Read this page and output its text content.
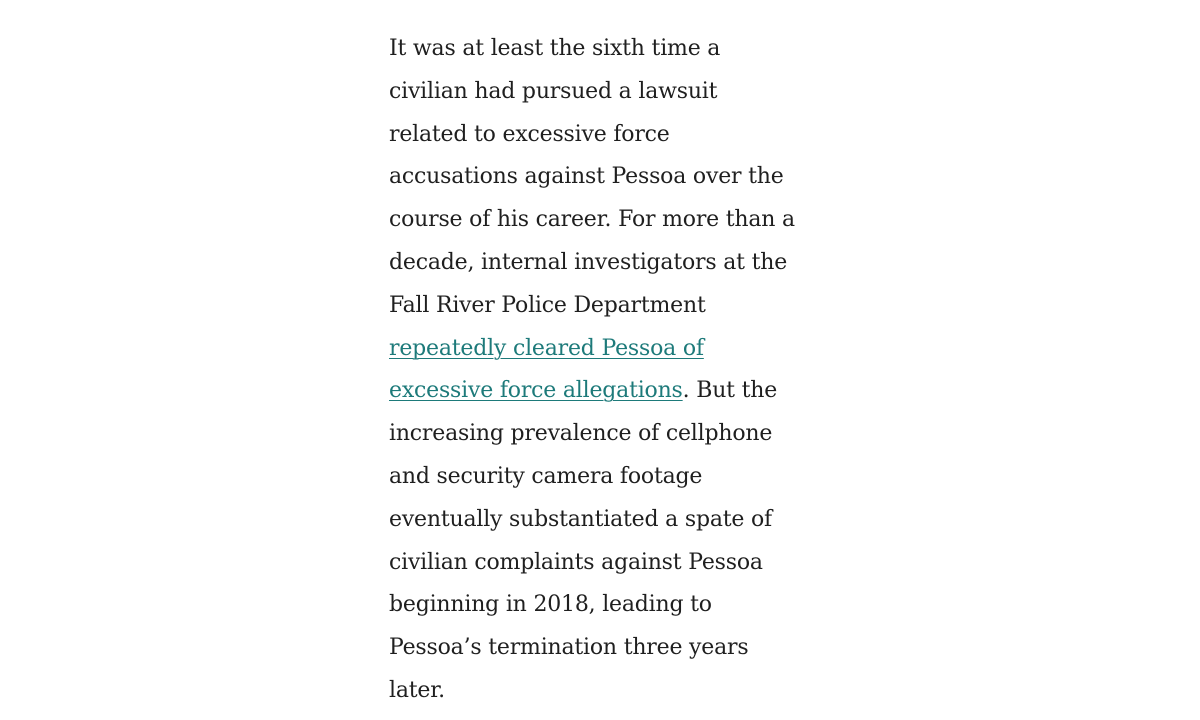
It was at least the sixth time a
civilian had pursued a lawsuit
related to excessive force
accusations against Pessoa over the
course of his career. For more than a
decade, internal investigators at the
Fall River Police Department
repeatedly cleared Pessoa of
excessive force allegations. But the
increasing prevalence of cellphone
and security camera footage
eventually substantiated a spate of
civilian complaints against Pessoa
beginning in 2018, leading to
Pessoa’s termination three years
later.
